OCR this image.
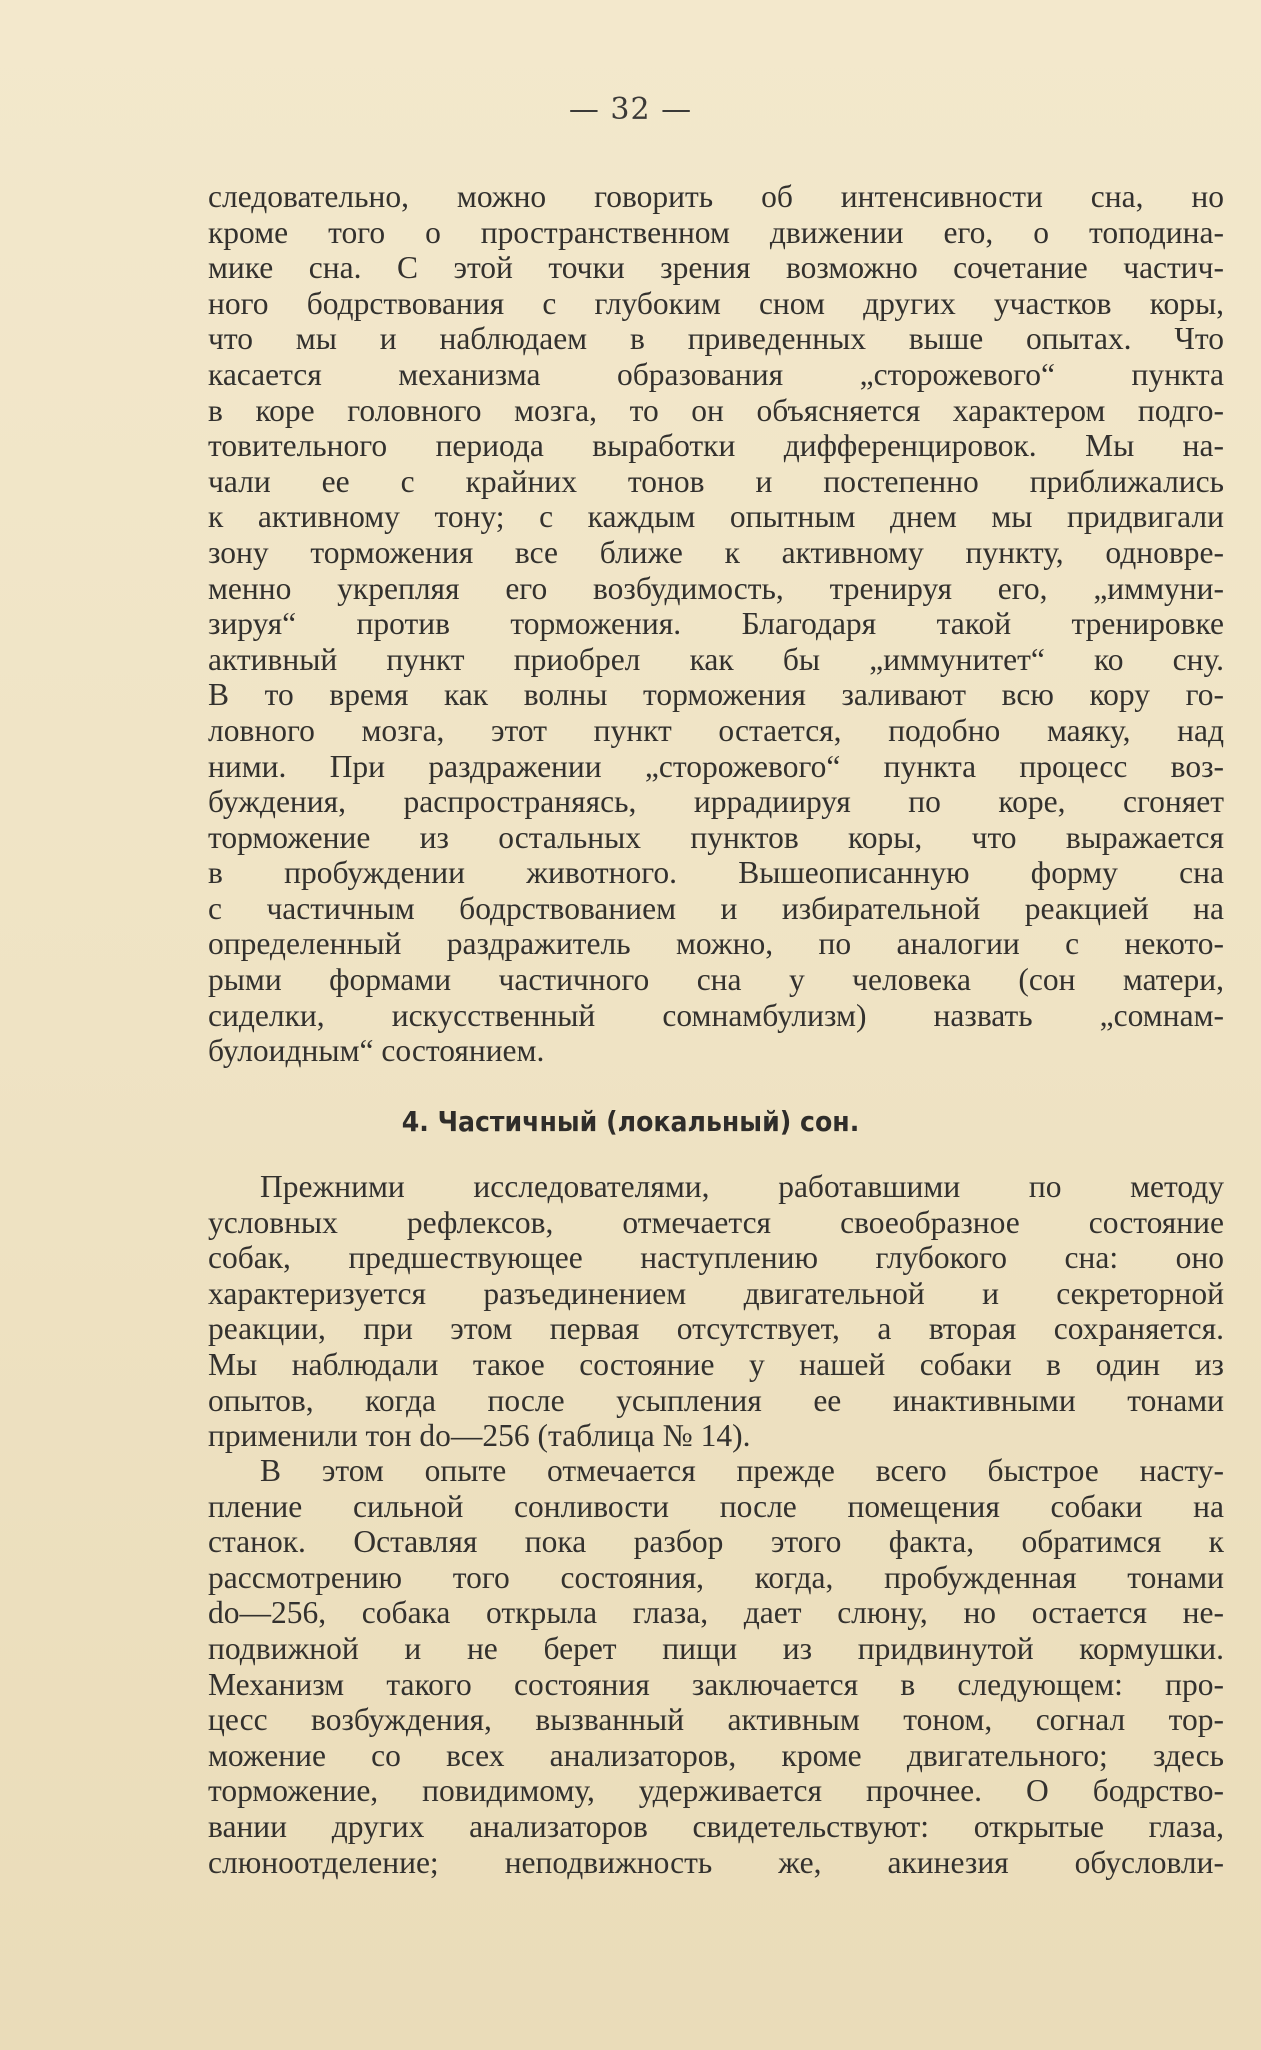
— 32 —
следовательно, можно говорить об интенсивности сна, но
кроме того о пространственном движении его, о топодина-
мике сна. С этой точки зрения возможно сочетание частич-
ного бодрствования с глубоким сном других участков коры,
что мы и наблюдаем в приведенных выше опытах. Что
касается механизма образования „сторожевого“ пункта
в коре головного мозга, то он объясняется характером подго-
товительного периода выработки дифференцировок. Мы на-
чали ее с крайних тонов и постепенно приближались
к активному тону; с каждым опытным днем мы придвигали
зону торможения все ближе к активному пункту, одновре-
менно укрепляя его возбудимость, тренируя его, „иммуни-
зируя“ против торможения. Благодаря такой тренировке
активный пункт приобрел как бы „иммунитет“ ко сну.
В то время как волны торможения заливают всю кору го-
ловного мозга, этот пункт остается, подобно маяку, над
ними. При раздражении „сторожевого“ пункта процесс воз-
буждения, распространяясь, иррадиируя по коре, сгоняет
торможение из остальных пунктов коры, что выражается
в пробуждении животного. Вышеописанную форму сна
с частичным бодрствованием и избирательной реакцией на
определенный раздражитель можно, по аналогии с некото-
рыми формами частичного сна у человека (сон матери,
сиделки, искусственный сомнамбулизм) назвать „сомнам-
булоидным“ состоянием.
4. Частичный (локальный) сон.
Прежними исследователями, работавшими по методу
условных рефлексов, отмечается своеобразное состояние
собак, предшествующее наступлению глубокого сна: оно
характеризуется разъединением двигательной и секреторной
реакции, при этом первая отсутствует, а вторая сохраняется.
Мы наблюдали такое состояние у нашей собаки в один из
опытов, когда после усыпления ее инактивными тонами
применили тон do—256 (таблица № 14).
В этом опыте отмечается прежде всего быстрое насту-
пление сильной сонливости после помещения собаки на
станок. Оставляя пока разбор этого факта, обратимся к
рассмотрению того состояния, когда, пробужденная тонами
do—256, собака открыла глаза, дает слюну, но остается не-
подвижной и не берет пищи из придвинутой кормушки.
Механизм такого состояния заключается в следующем: про-
цесс возбуждения, вызванный активным тоном, согнал тор-
можение со всех анализаторов, кроме двигательного; здесь
торможение, повидимому, удерживается прочнее. О бодрство-
вании других анализаторов свидетельствуют: открытые глаза,
слюноотделение; неподвижность же, акинезия обусловли-
